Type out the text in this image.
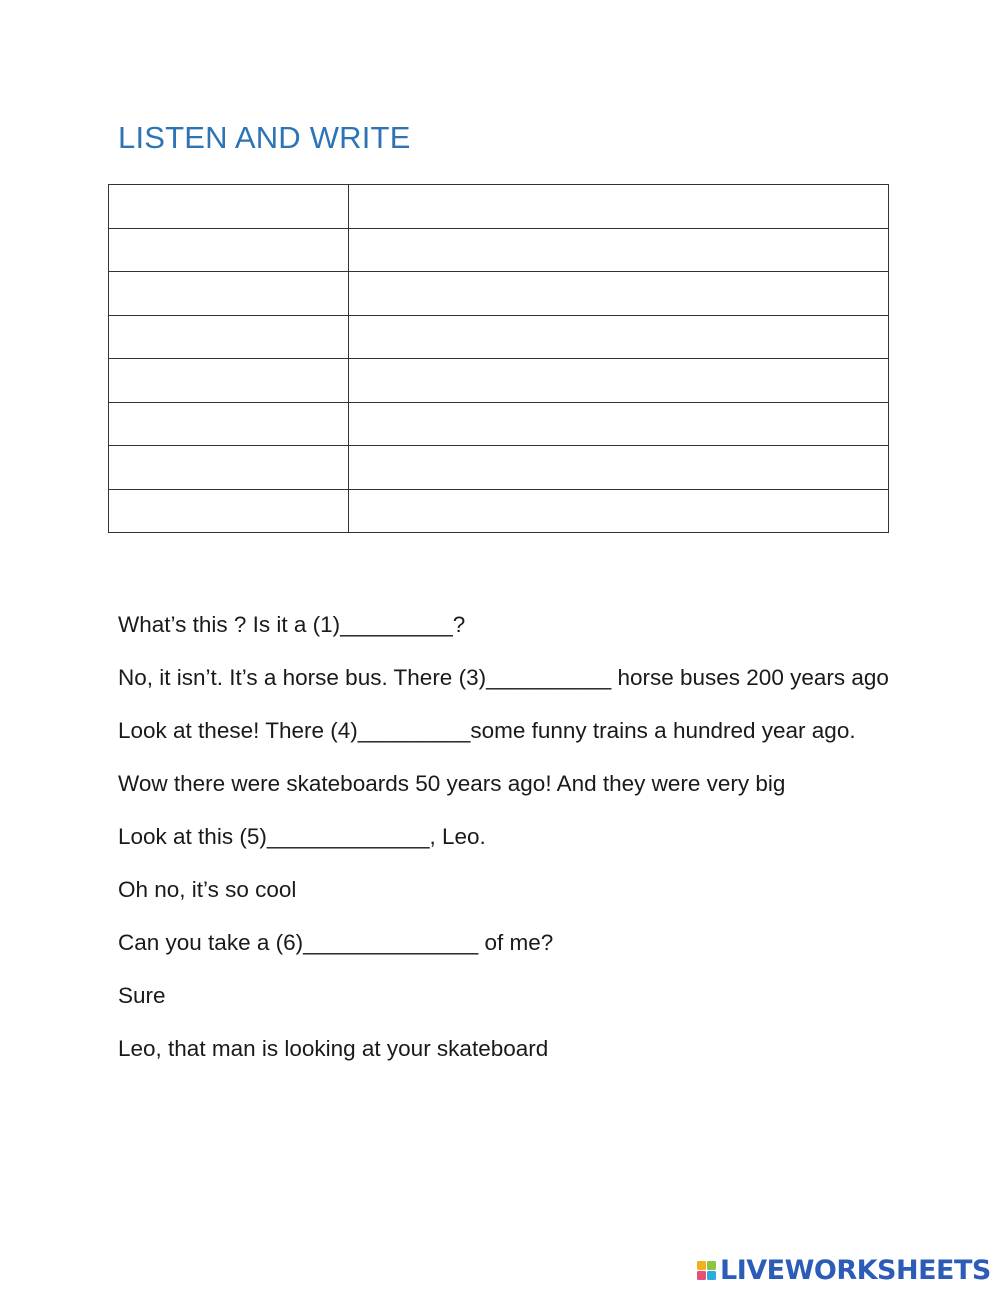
LISTEN AND WRITE

What’s this ? Is it a (1)_________?

No, it isn’t. It’s a horse bus. There (3)__________ horse buses 200 years ago

Look at these! There (4)_________some funny trains a hundred year ago.

Wow there were skateboards 50 years ago! And they were very big

Look at this (5)_____________, Leo.

Oh no, it’s so cool

Can you take a (6)______________ of me?

Sure

Leo, that man is looking at your skateboard

LIVEWORKSHEETS
